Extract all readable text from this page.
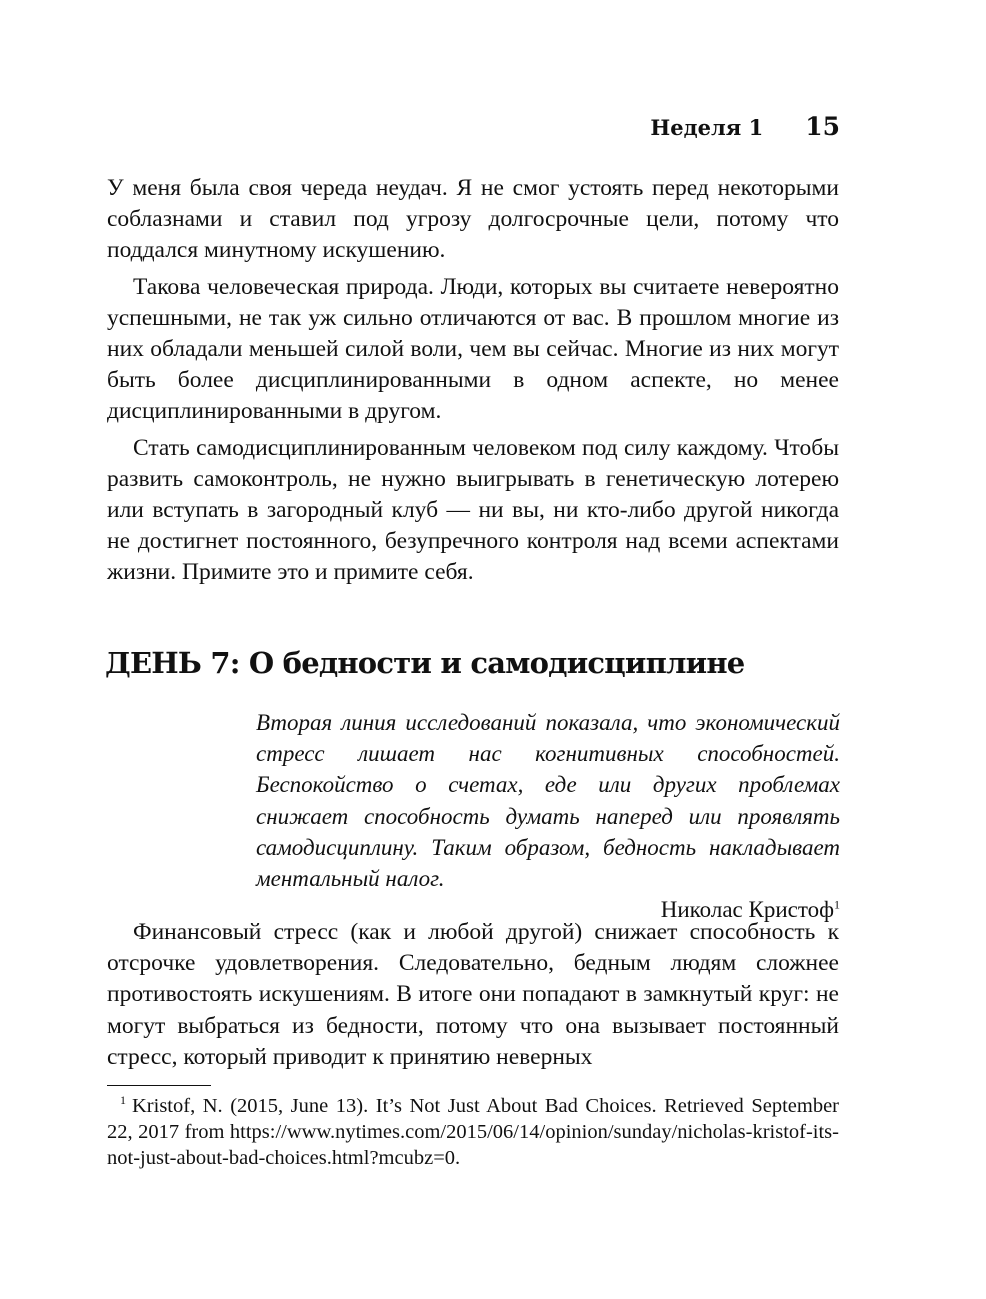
Неделя 1 15

У меня была своя череда неудач. Я не смог устоять перед некоторыми соблазнами и ставил под угрозу долгосрочные цели, потому что поддался минутному искушению.

Такова человеческая природа. Люди, которых вы считаете невероятно успешными, не так уж сильно отличаются от вас. В прошлом многие из них обладали меньшей силой воли, чем вы сейчас. Многие из них могут быть более дисциплинированными в одном аспекте, но менее дисциплинированными в другом.

Стать самодисциплинированным человеком под силу каждому. Чтобы развить самоконтроль, не нужно выигрывать в генетическую лотерею или вступать в загородный клуб — ни вы, ни кто-либо другой никогда не достигнет постоянного, безупречного контроля над всеми аспектами жизни. Примите это и примите себя.

ДЕНЬ 7: О бедности и самодисциплине

Вторая линия исследований показала, что экономический стресс лишает нас когнитивных способностей. Беспокойство о счетах, еде или других проблемах снижает способность думать наперед или проявлять самодисциплину. Таким образом, бедность накладывает ментальный налог.

Николас Кристоф$^1$

Финансовый стресс (как и любой другой) снижает способность к отсрочке удовлетворения. Следовательно, бедным людям сложнее противостоять искушениям. В итоге они попадают в замкнутый круг: не могут выбраться из бедности, потому что она вызывает постоянный стресс, который приводит к принятию неверных

$^1$ Kristof, N. (2015, June 13). It’s Not Just About Bad Choices. Retrieved September 22, 2017 from https://www.nytimes.com/2015/06/14/opinion/sunday/nicholas-kristof-its-not-just-about-bad-choices.html?mcubz=0.
